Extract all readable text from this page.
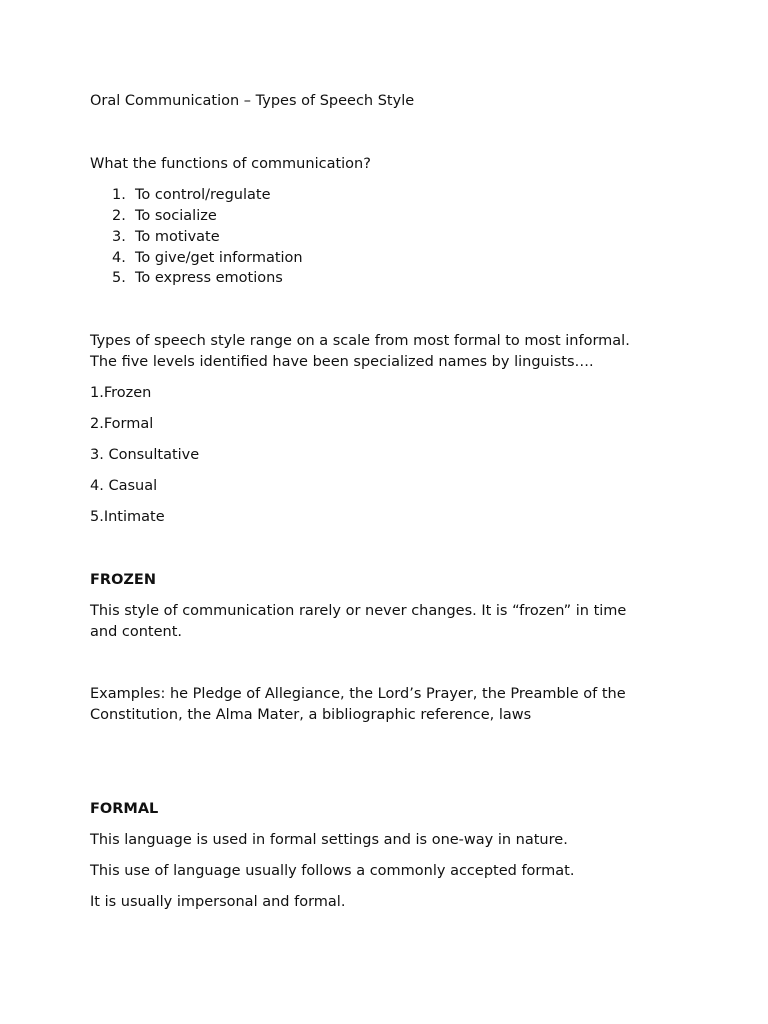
Oral Communication – Types of Speech Style

What the functions of communication?

1. To control/regulate
2. To socialize
3. To motivate
4. To give/get information
5. To express emotions

Types of speech style range on a scale from most formal to most informal.

The five levels identified have been specialized names by linguists….

1.Frozen

2.Formal

3. Consultative

4. Casual

5.Intimate

FROZEN

This style of communication rarely or never changes. It is “frozen” in time

and content.

Examples: he Pledge of Allegiance, the Lord’s Prayer, the Preamble of the

Constitution, the Alma Mater, a bibliographic reference, laws

FORMAL

This language is used in formal settings and is one-way in nature.

This use of language usually follows a commonly accepted format.

It is usually impersonal and formal.
